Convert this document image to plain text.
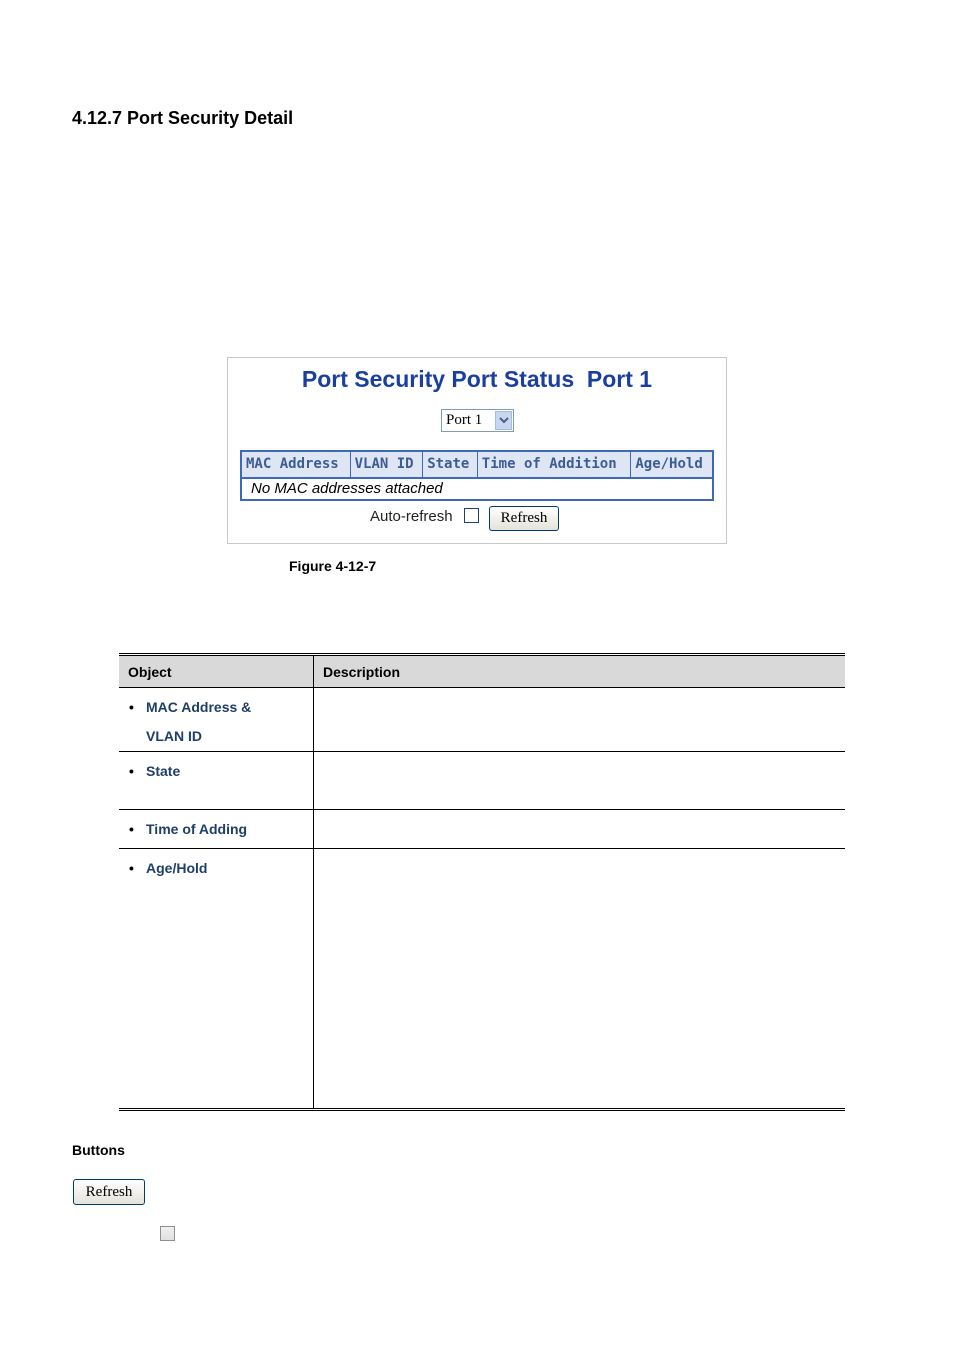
4.12.7 Port Security Detail
Port Security Port Status  Port 1
Port 1
MAC Address	VLAN ID	State	Time of Addition	Age/Hold
No MAC addresses attached
Auto-refresh	Refresh
Figure 4-12-7
Object	Description

• MAC Address & VLAN ID

• State

• Time of Adding

• Age/Hold

Buttons
Refresh
